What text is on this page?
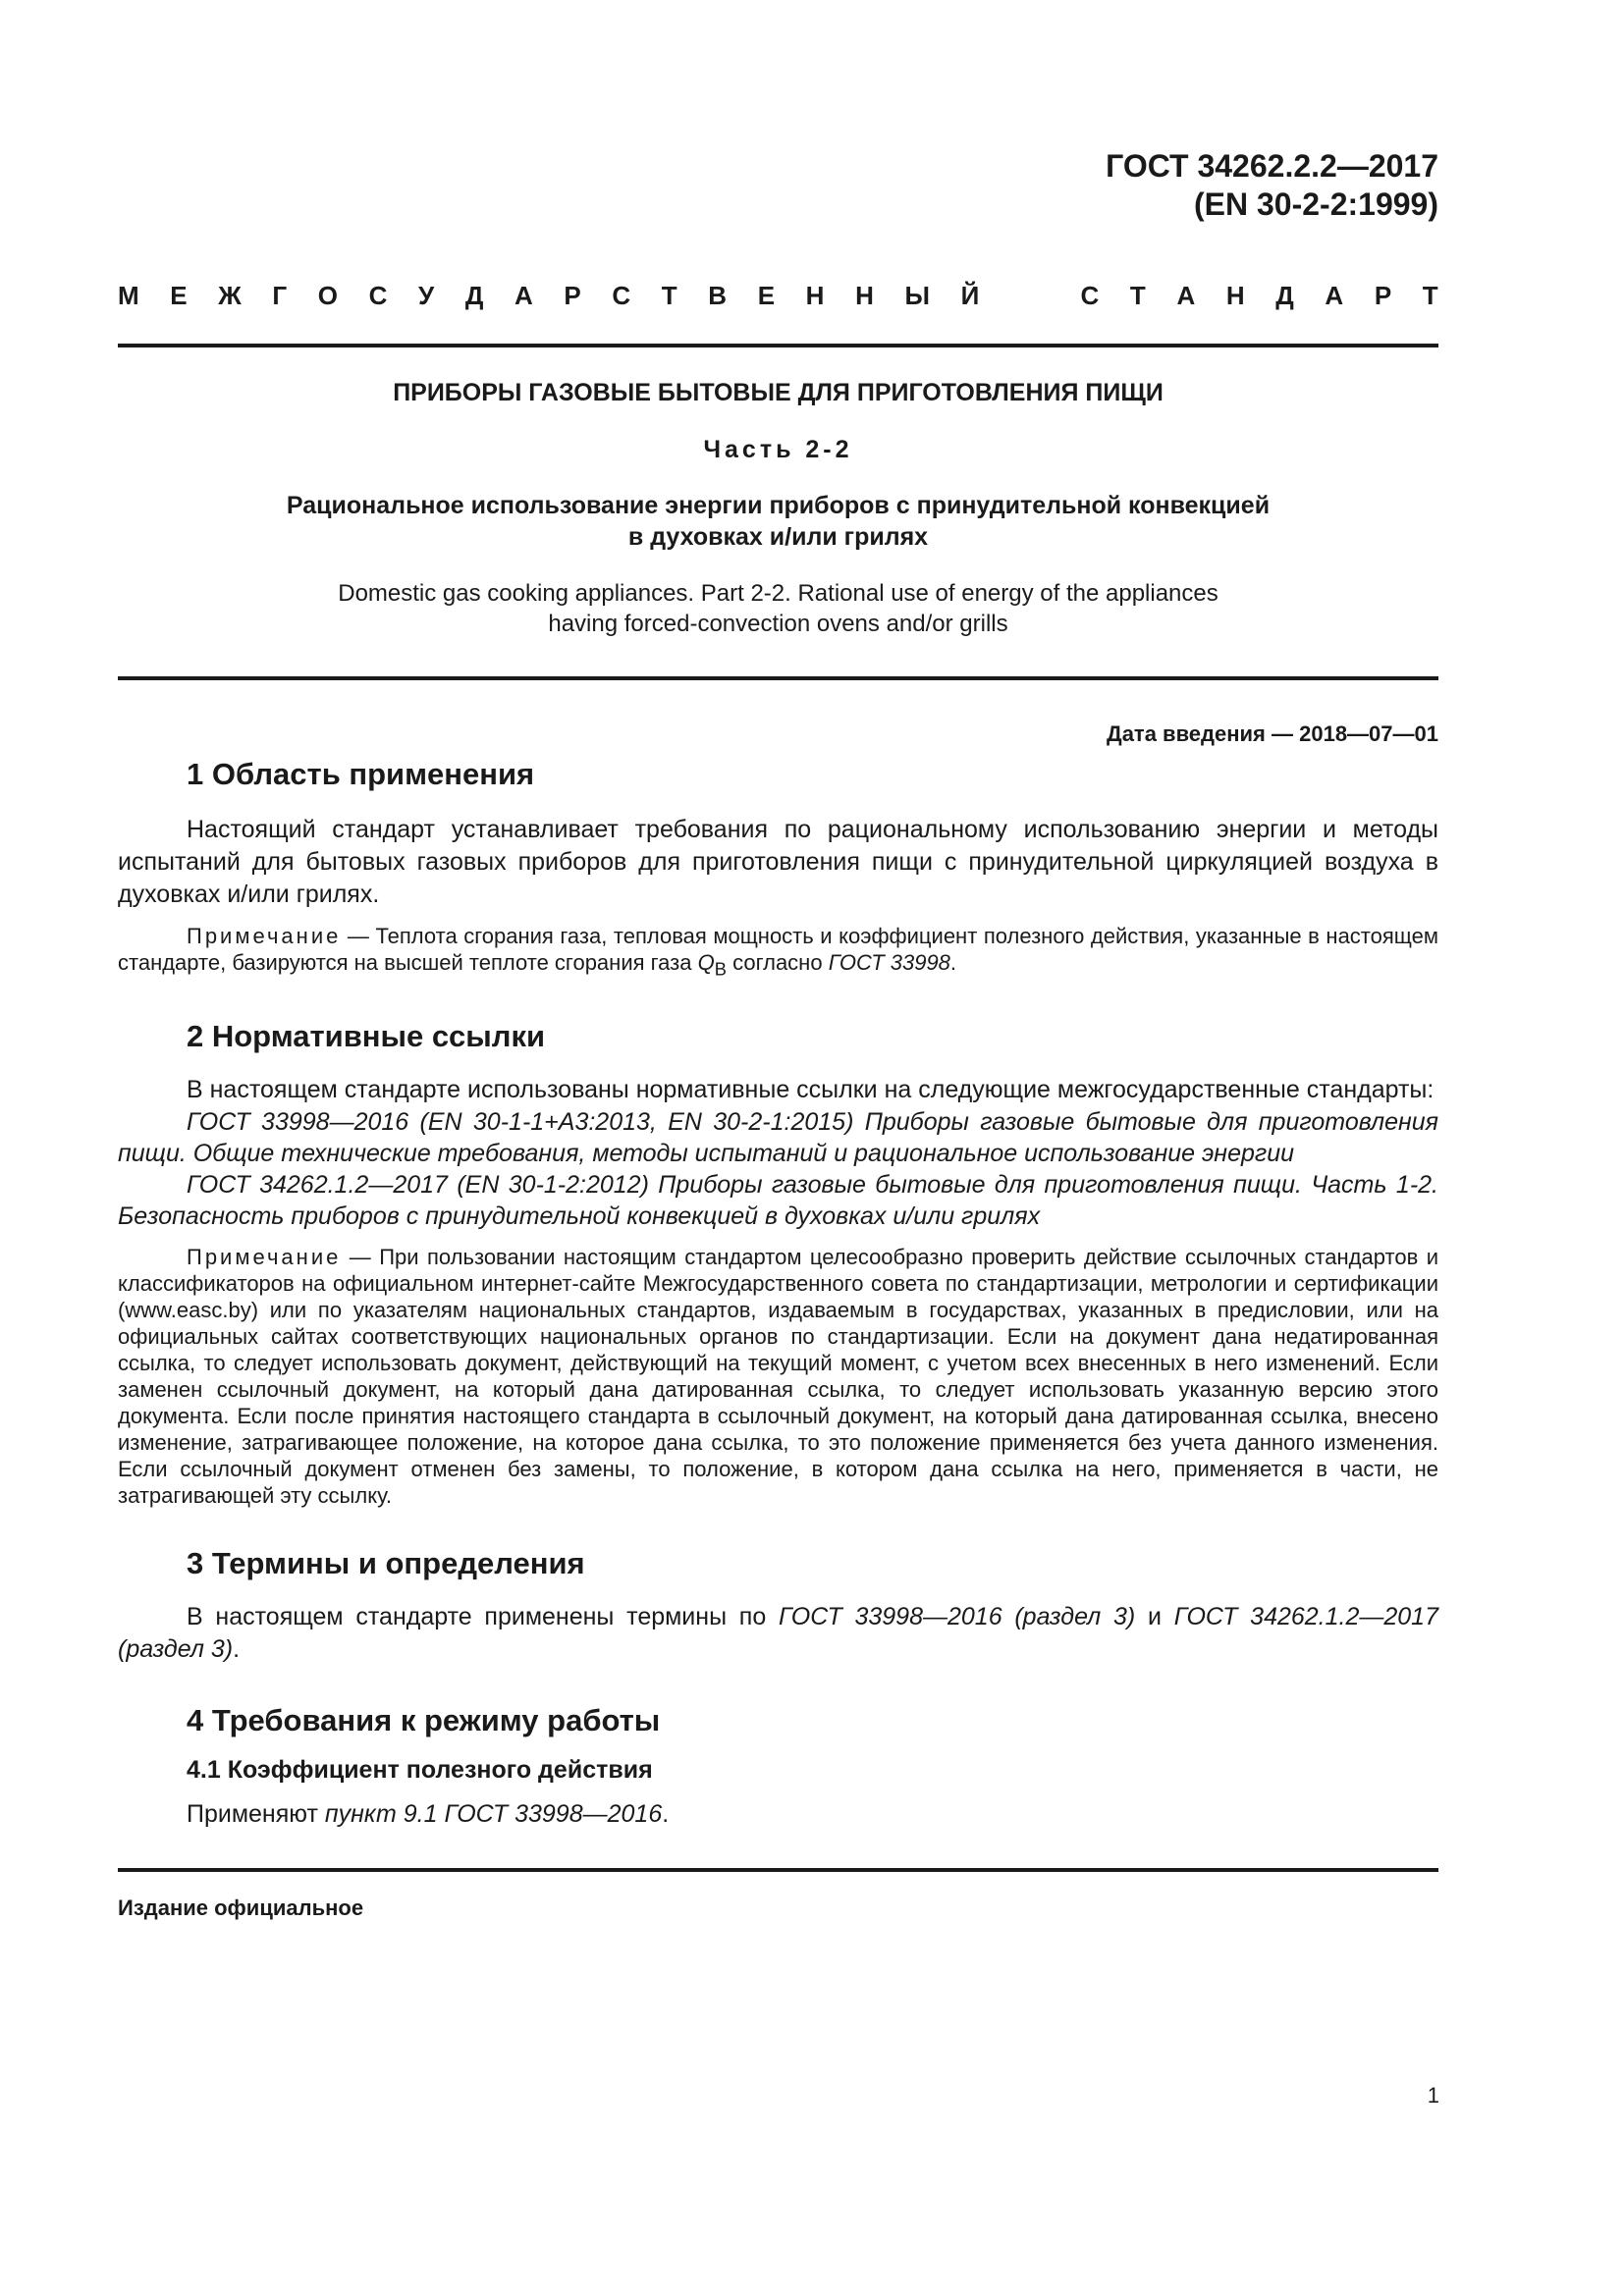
ГОСТ 34262.2.2—2017
(EN 30-2-2:1999)
М Е Ж Г О С У Д А Р С Т В Е Н Н Ы Й	С Т А Н Д А Р Т
ПРИБОРЫ ГАЗОВЫЕ БЫТОВЫЕ ДЛЯ ПРИГОТОВЛЕНИЯ ПИЩИ
Часть 2-2
Рациональное использование энергии приборов с принудительной конвекцией
в духовках и/или грилях
Domestic gas cooking appliances. Part 2-2. Rational use of energy of the appliances
having forced-convection ovens and/or grills
Дата введения — 2018—07—01
1 Область применения

Настоящий стандарт устанавливает требования по рациональному использованию энергии и методы испытаний для бытовых газовых приборов для приготовления пищи с принудительной циркуляцией воздуха в духовках и/или грилях.

Примечание — Теплота сгорания газа, тепловая мощность и коэффициент полезного действия, указанные в настоящем стандарте, базируются на высшей теплоте сгорания газа $Q_B$ согласно ГОСТ 33998.

2 Нормативные ссылки

В настоящем стандарте использованы нормативные ссылки на следующие межгосударственные стандарты:

ГОСТ 33998—2016 (EN 30-1-1+A3:2013, EN 30-2-1:2015) Приборы газовые бытовые для приготовления пищи. Общие технические требования, методы испытаний и рациональное использование энергии

ГОСТ 34262.1.2—2017 (EN 30-1-2:2012) Приборы газовые бытовые для приготовления пищи. Часть 1-2. Безопасность приборов с принудительной конвекцией в духовках и/или грилях

Примечание — При пользовании настоящим стандартом целесообразно проверить действие ссылочных стандартов и классификаторов на официальном интернет-сайте Межгосударственного совета по стандартизации, метрологии и сертификации (www.easc.by) или по указателям национальных стандартов, издаваемым в государствах, указанных в предисловии, или на официальных сайтах соответствующих национальных органов по стандартизации. Если на документ дана недатированная ссылка, то следует использовать документ, действующий на текущий момент, с учетом всех внесенных в него изменений. Если заменен ссылочный документ, на который дана датированная ссылка, то следует использовать указанную версию этого документа. Если после принятия настоящего стандарта в ссылочный документ, на который дана датированная ссылка, внесено изменение, затрагивающее положение, на которое дана ссылка, то это положение применяется без учета данного изменения. Если ссылочный документ отменен без замены, то положение, в котором дана ссылка на него, применяется в части, не затрагивающей эту ссылку.

3 Термины и определения

В настоящем стандарте применены термины по ГОСТ 33998—2016 (раздел 3) и ГОСТ 34262.1.2—2017 (раздел 3).

4 Требования к режиму работы
4.1 Коэффициент полезного действия

Применяют пункт 9.1 ГОСТ 33998—2016.

Издание официальное
1
